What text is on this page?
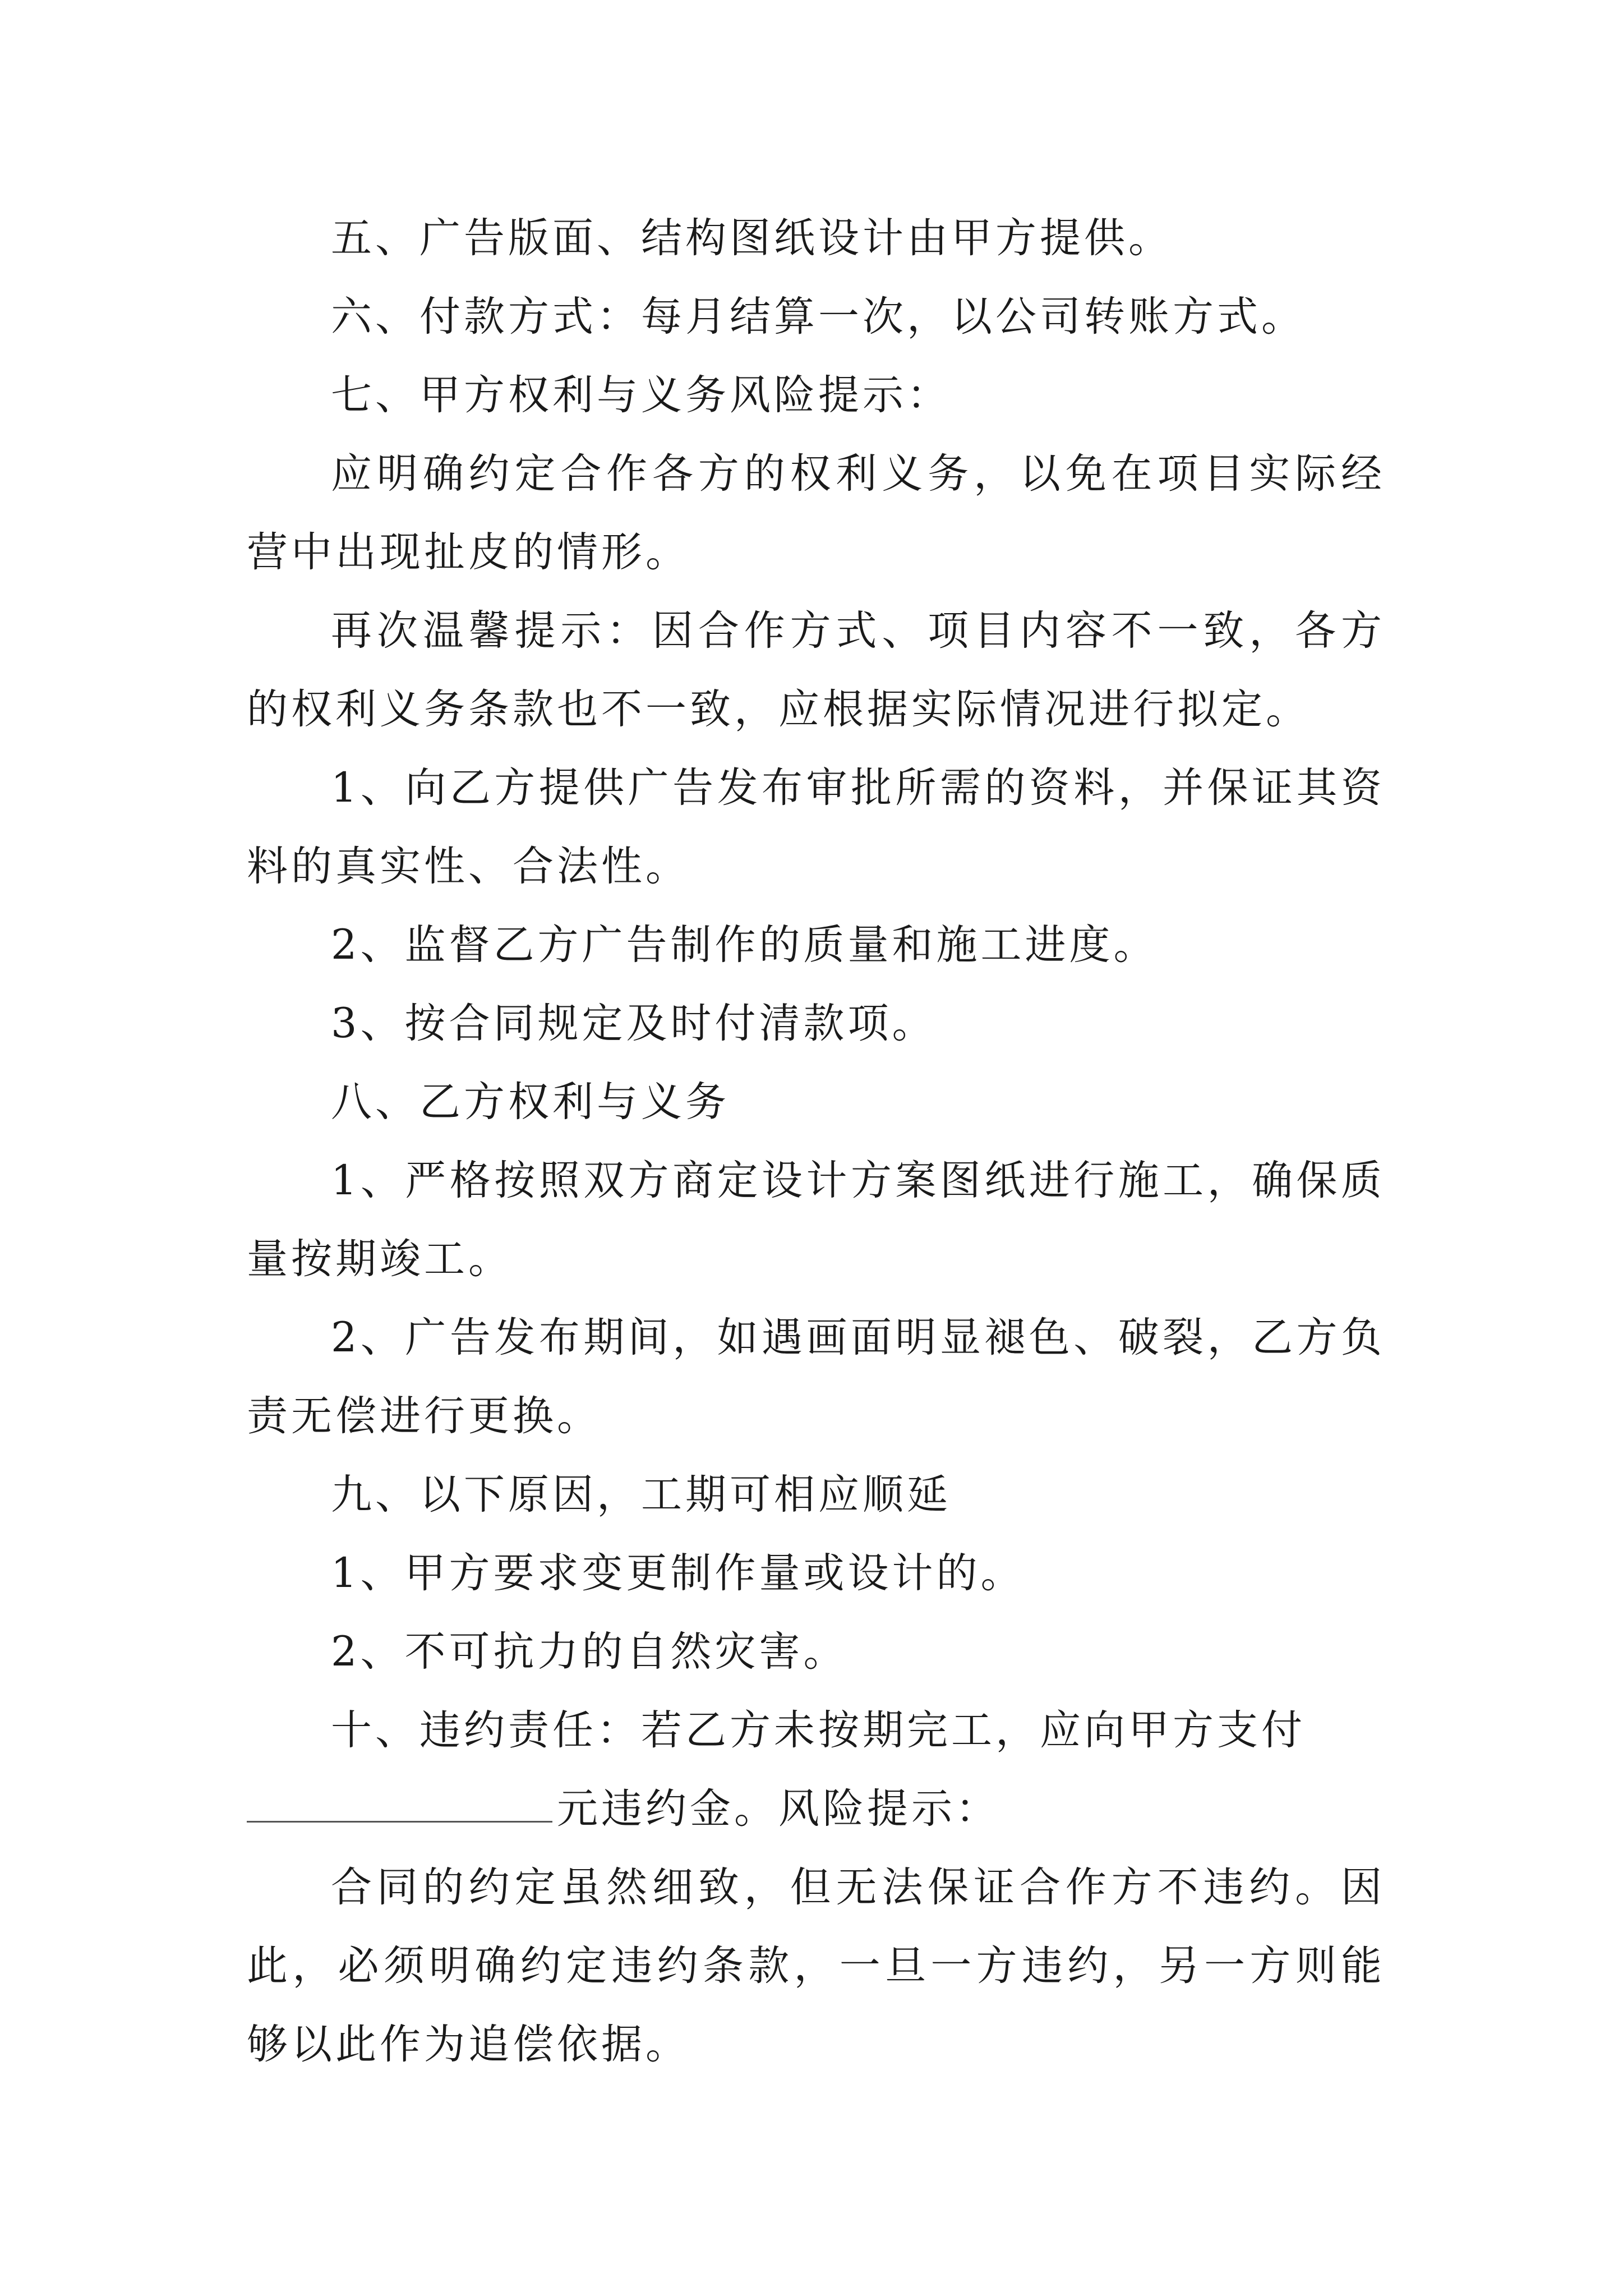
五、广告版面、结构图纸设计由甲方提供。

六、付款方式：每月结算一次，以公司转账方式。

七、甲方权利与义务风险提示：

应明确约定合作各方的权利义务，以免在项目实际经营中出现扯皮的情形。

再次温馨提示：因合作方式、项目内容不一致，各方的权利义务条款也不一致，应根据实际情况进行拟定。

1、向乙方提供广告发布审批所需的资料，并保证其资料的真实性、合法性。

2、监督乙方广告制作的质量和施工进度。

3、按合同规定及时付清款项。

八、乙方权利与义务

1、严格按照双方商定设计方案图纸进行施工，确保质量按期竣工。

2、广告发布期间，如遇画面明显褪色、破裂，乙方负责无偿进行更换。

九、以下原因，工期可相应顺延

1、甲方要求变更制作量或设计的。

2、不可抗力的自然灾害。

十、违约责任：若乙方未按期完工，应向甲方支付

元违约金。风险提示：

合同的约定虽然细致，但无法保证合作方不违约。因此，必须明确约定违约条款，一旦一方违约，另一方则能够以此作为追偿依据。
